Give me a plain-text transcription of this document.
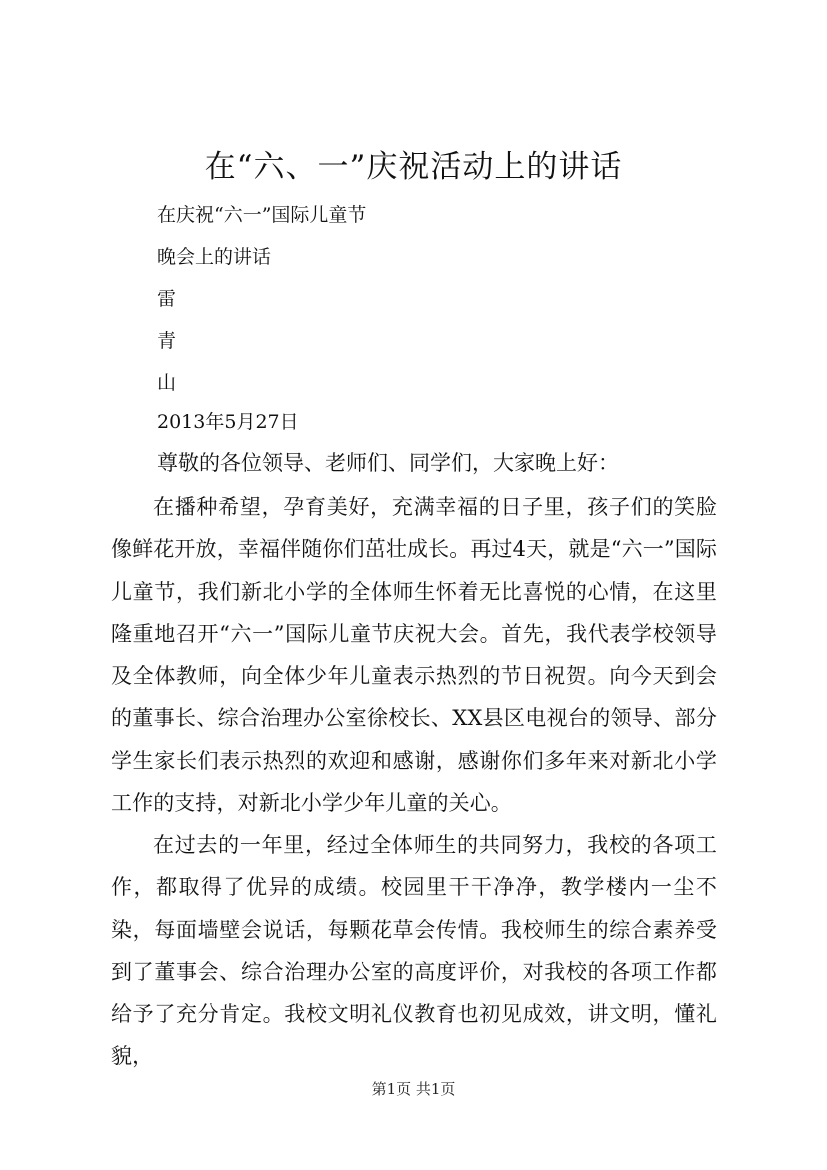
在“六、一”庆祝活动上的讲话

在庆祝“六一”国际儿童节

晚会上的讲话

雷

青

山

2013年5月27日

尊敬的各位领导、老师们、同学们，大家晚上好：

在播种希望，孕育美好，充满幸福的日子里，孩子们的笑脸像鲜花开放，幸福伴随你们茁壮成长。再过4天，就是“六一”国际儿童节，我们新北小学的全体师生怀着无比喜悦的心情，在这里隆重地召开“六一”国际儿童节庆祝大会。首先，我代表学校领导及全体教师，向全体少年儿童表示热烈的节日祝贺。向今天到会的董事长、综合治理办公室徐校长、XX县区电视台的领导、部分学生家长们表示热烈的欢迎和感谢，感谢你们多年来对新北小学工作的支持，对新北小学少年儿童的关心。

在过去的一年里，经过全体师生的共同努力，我校的各项工作，都取得了优异的成绩。校园里干干净净，教学楼内一尘不染，每面墙壁会说话，每颗花草会传情。我校师生的综合素养受到了董事会、综合治理办公室的高度评价，对我校的各项工作都给予了充分肯定。我校文明礼仪教育也初见成效，讲文明，懂礼貌，

第1页 共1页
